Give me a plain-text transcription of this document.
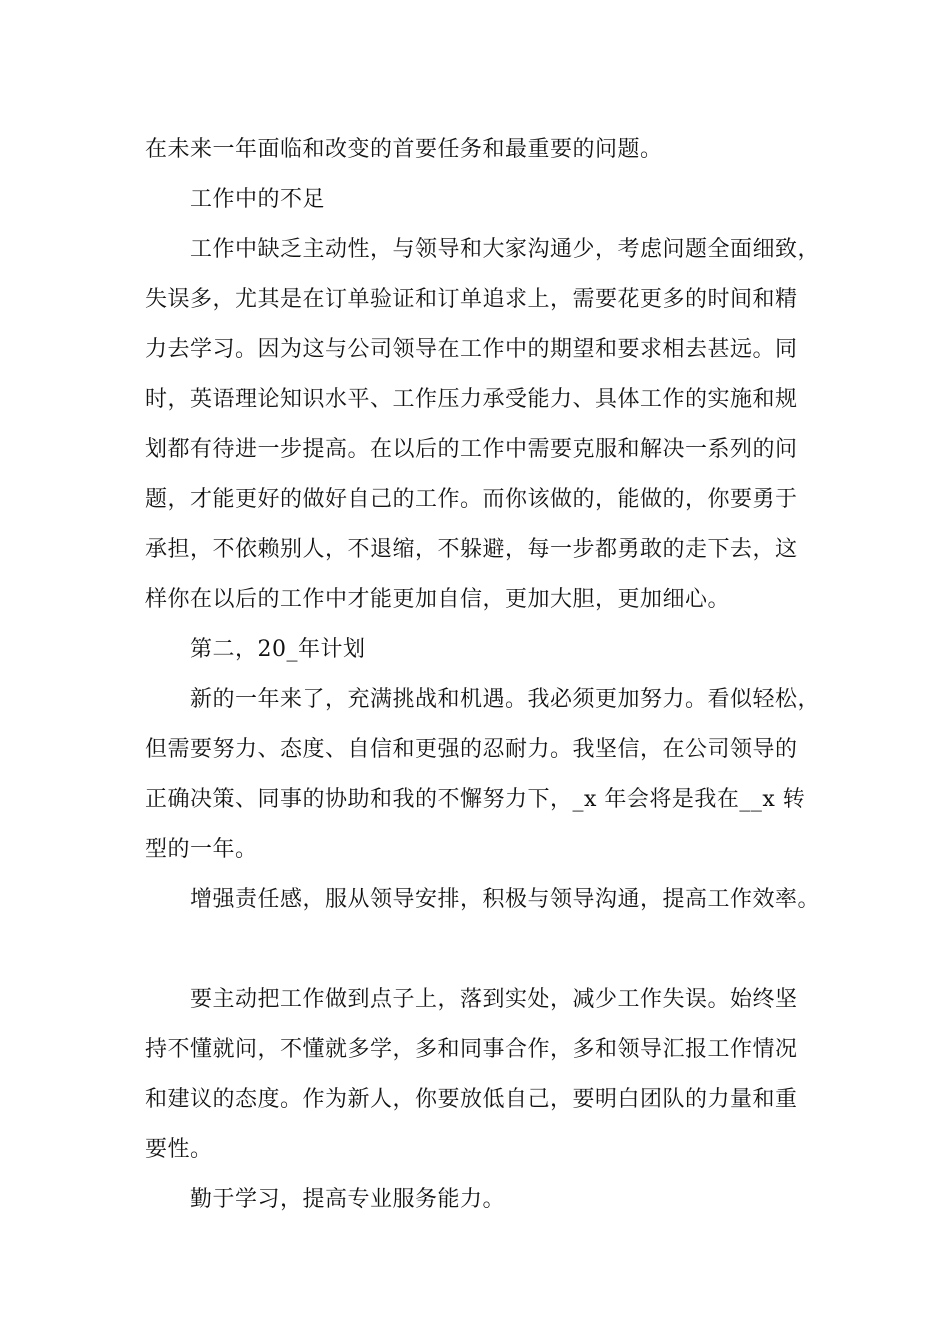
在未来一年面临和改变的首要任务和最重要的问题。
工作中的不足
工作中缺乏主动性，与领导和大家沟通少，考虑问题全面细致，
失误多，尤其是在订单验证和订单追求上，需要花更多的时间和精
力去学习。因为这与公司领导在工作中的期望和要求相去甚远。同
时，英语理论知识水平、工作压力承受能力、具体工作的实施和规
划都有待进一步提高。在以后的工作中需要克服和解决一系列的问
题，才能更好的做好自己的工作。而你该做的，能做的，你要勇于
承担，不依赖别人，不退缩，不躲避，每一步都勇敢的走下去，这
样你在以后的工作中才能更加自信，更加大胆，更加细心。
第二，20_年计划
新的一年来了，充满挑战和机遇。我必须更加努力。看似轻松，
但需要努力、态度、自信和更强的忍耐力。我坚信，在公司领导的
正确决策、同事的协助和我的不懈努力下，_x 年会将是我在__x 转
型的一年。
增强责任感，服从领导安排，积极与领导沟通，提高工作效率。
要主动把工作做到点子上，落到实处，减少工作失误。始终坚
持不懂就问，不懂就多学，多和同事合作，多和领导汇报工作情况
和建议的态度。作为新人，你要放低自己，要明白团队的力量和重
要性。
勤于学习，提高专业服务能力。
